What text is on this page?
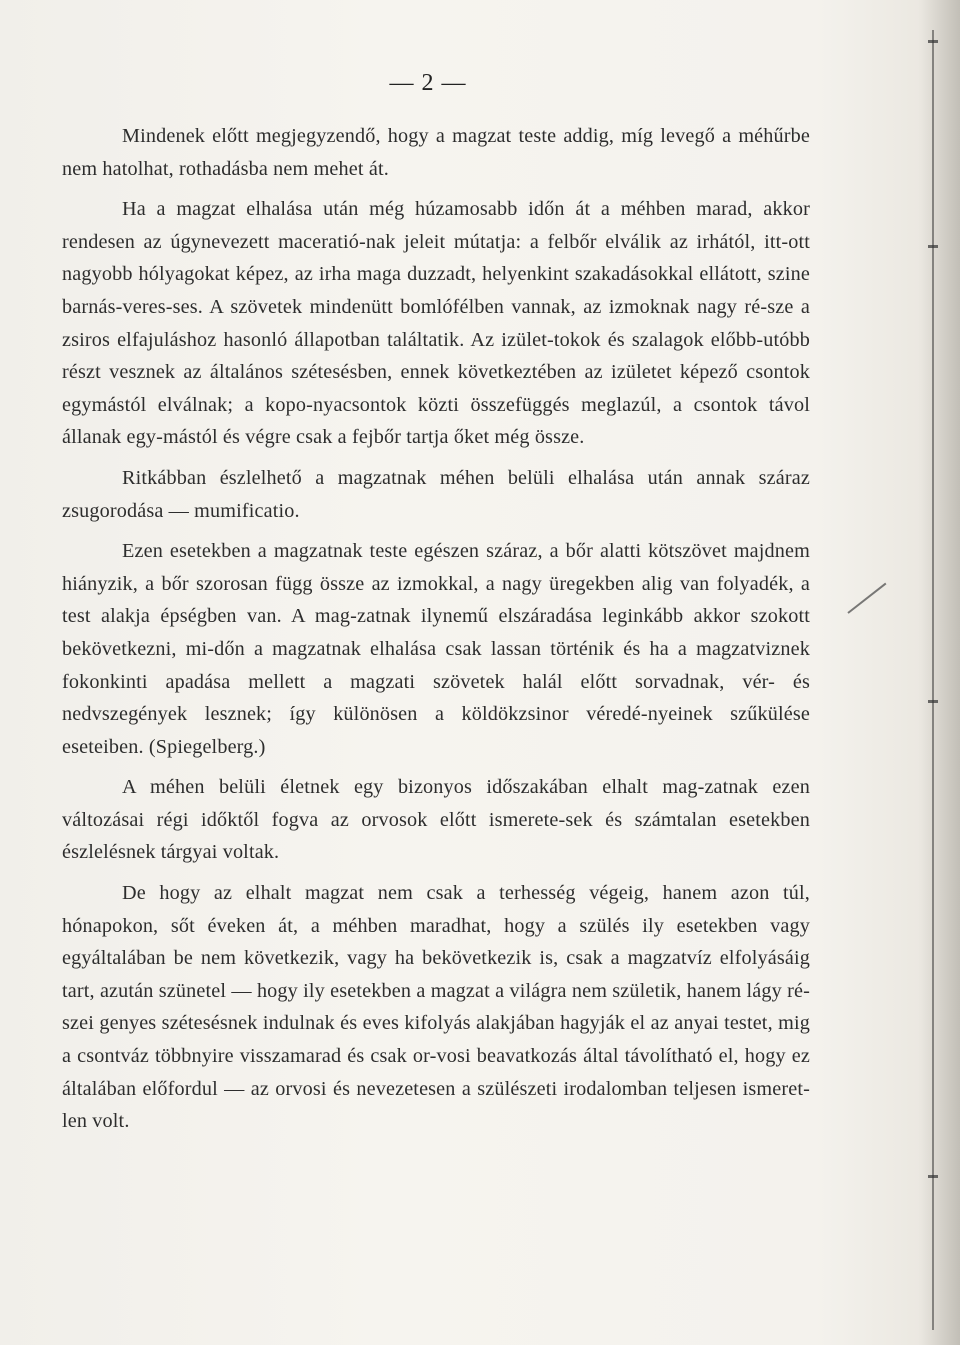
— 2 —

Mindenek előtt megjegyzendő, hogy a magzat teste addig, míg levegő a méhűrbe nem hatolhat, rothadásba nem mehet át.

Ha a magzat elhalása után még húzamosabb időn át a méhben marad, akkor rendesen az úgynevezett maceratió-nak jeleit mútatja: a felbőr elválik az irhától, itt-ott nagyobb hólyagokat képez, az irha maga duzzadt, helyenkint szakadásokkal ellátott, szine barnás-veres-ses. A szövetek mindenütt bomlófélben vannak, az izmoknak nagy ré-sze a zsiros elfajuláshoz hasonló állapotban találtatik. Az izület-tokok és szalagok előbb-utóbb részt vesznek az általános szétesésben, ennek következtében az izületet képező csontok egymástól elválnak; a kopo-nyacsontok közti összefüggés meglazúl, a csontok távol állanak egy-mástól és végre csak a fejbőr tartja őket még össze.

Ritkábban észlelhető a magzatnak méhen belüli elhalása után annak száraz zsugorodása — mumificatio.

Ezen esetekben a magzatnak teste egészen száraz, a bőr alatti kötszövet majdnem hiányzik, a bőr szorosan függ össze az izmokkal, a nagy üregekben alig van folyadék, a test alakja épségben van. A mag-zatnak ilynemű elszáradása leginkább akkor szokott bekövetkezni, mi-dőn a magzatnak elhalása csak lassan történik és ha a magzatviznek fokonkinti apadása mellett a magzati szövetek halál előtt sorvadnak, vér- és nedvszegények lesznek; így különösen a köldökzsinor véredé-nyeinek szűkülése eseteiben. (Spiegelberg.)

A méhen belüli életnek egy bizonyos időszakában elhalt mag-zatnak ezen változásai régi időktől fogva az orvosok előtt ismerete-sek és számtalan esetekben észlelésnek tárgyai voltak.

De hogy az elhalt magzat nem csak a terhesség végeig, hanem azon túl, hónapokon, sőt éveken át, a méhben maradhat, hogy a szülés ily esetekben vagy egyáltalában be nem következik, vagy ha bekövetkezik is, csak a magzatvíz elfolyásáig tart, azután szünetel — hogy ily esetekben a magzat a világra nem születik, hanem lágy ré-szei genyes szétesésnek indulnak és eves kifolyás alakjában hagyják el az anyai testet, mig a csontváz többnyire visszamarad és csak or-vosi beavatkozás által távolítható el, hogy ez általában előfordul — az orvosi és nevezetesen a szülészeti irodalomban teljesen ismeret-len volt.
